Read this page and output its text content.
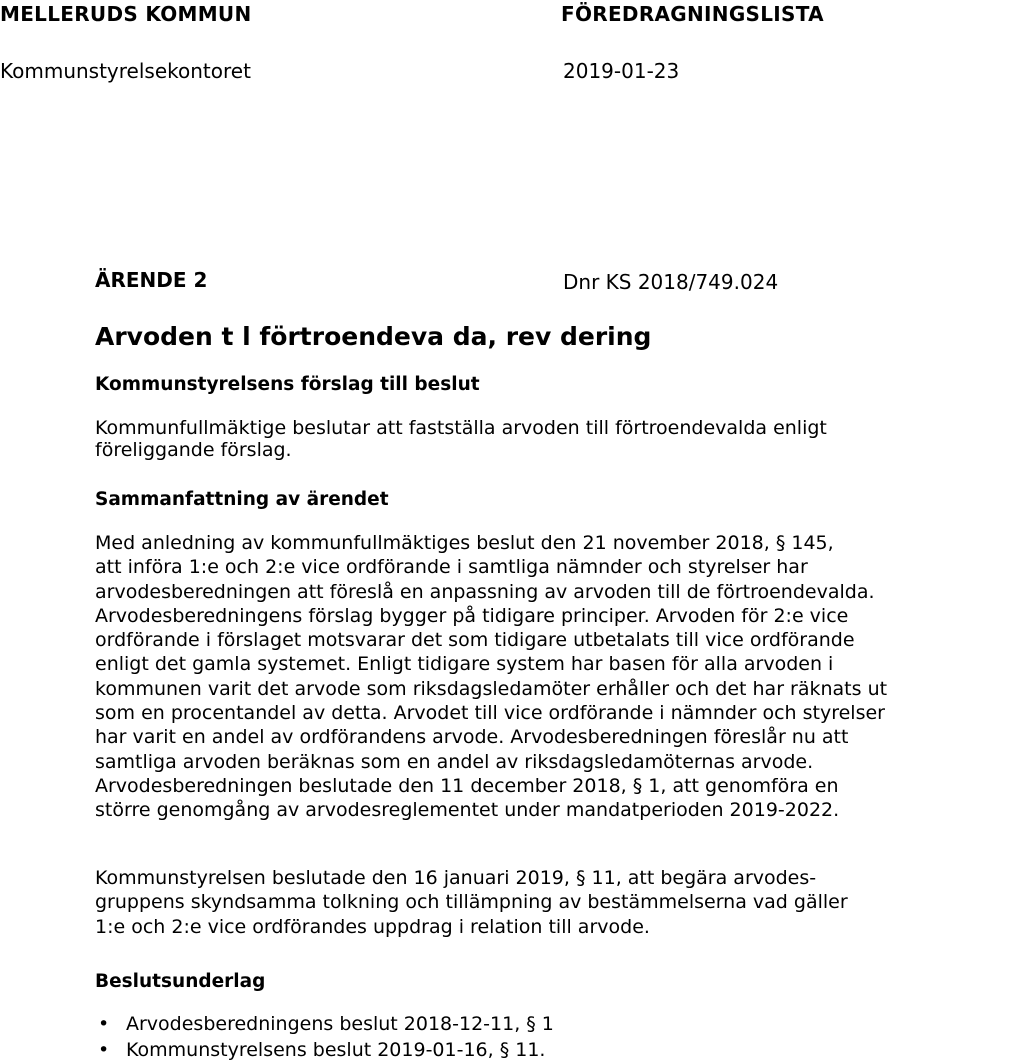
MELLERUDS KOMMUN	FÖREDRAGNINGSLISTA
Kommunstyrelsekontoret	2019-01-23
ÄRENDE 2	Dnr KS 2018/749.024
Arvoden t l förtroendeva da, rev dering
Kommunstyrelsens förslag till beslut
Kommunfullmäktige beslutar att fastställa arvoden till förtroendevalda enligt
föreliggande förslag.
Sammanfattning av ärendet
Med anledning av kommunfullmäktiges beslut den 21 november 2018, § 145,
att införa 1:e och 2:e vice ordförande i samtliga nämnder och styrelser har
arvodesberedningen att föreslå en anpassning av arvoden till de förtroendevalda.
Arvodesberedningens förslag bygger på tidigare principer. Arvoden för 2:e vice
ordförande i förslaget motsvarar det som tidigare utbetalats till vice ordförande
enligt det gamla systemet. Enligt tidigare system har basen för alla arvoden i
kommunen varit det arvode som riksdagsledamöter erhåller och det har räknats ut
som en procentandel av detta. Arvodet till vice ordförande i nämnder och styrelser
har varit en andel av ordförandens arvode. Arvodesberedningen föreslår nu att
samtliga arvoden beräknas som en andel av riksdagsledamöternas arvode.
Arvodesberedningen beslutade den 11 december 2018, § 1, att genomföra en
större genomgång av arvodesreglementet under mandatperioden 2019-2022.
Kommunstyrelsen beslutade den 16 januari 2019, § 11, att begära arvodes-
gruppens skyndsamma tolkning och tillämpning av bestämmelserna vad gäller
1:e och 2:e vice ordförandes uppdrag i relation till arvode.
Beslutsunderlag
• Arvodesberedningens beslut 2018-12-11, § 1
• Kommunstyrelsens beslut 2019-01-16, § 11.
